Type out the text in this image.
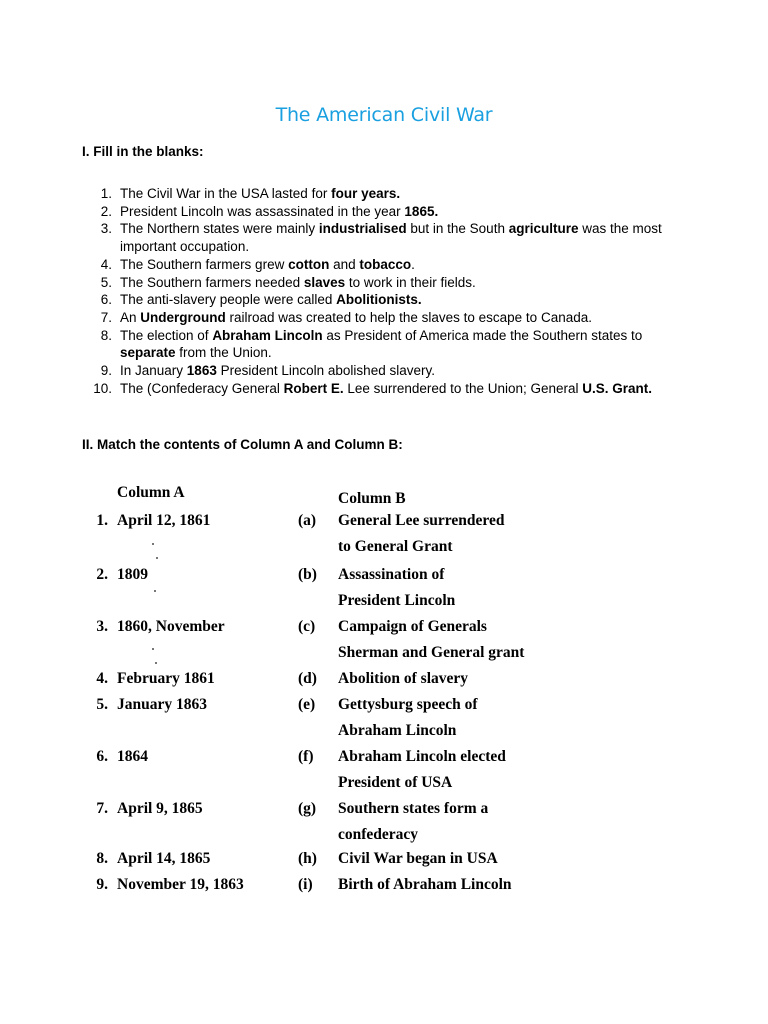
The American Civil War
I. Fill in the blanks:
1. The Civil War in the USA lasted for four years.
2. President Lincoln was assassinated in the year 1865.
3. The Northern states were mainly industrialised but in the South agriculture was the most important occupation.
4. The Southern farmers grew cotton and tobacco.
5. The Southern farmers needed slaves to work in their fields.
6. The anti-slavery people were called Abolitionists.
7. An Underground railroad was created to help the slaves to escape to Canada.
8. The election of Abraham Lincoln as President of America made the Southern states to separate from the Union.
9. In January 1863 President Lincoln abolished slavery.
10. The (Confederacy General Robert E. Lee surrendered to the Union; General U.S. Grant.
II. Match the contents of Column A and Column B:
Column A	Column B
1. April 12, 1861	(a) General Lee surrendered
to General Grant
2. 1809	(b) Assassination of
President Lincoln
3. 1860, November	(c) Campaign of Generals
Sherman and General grant
4. February 1861	(d) Abolition of slavery
5. January 1863	(e) Gettysburg speech of
Abraham Lincoln
6. 1864	(f) Abraham Lincoln elected
President of USA
7. April 9, 1865	(g) Southern states form a
confederacy
8. April 14, 1865	(h) Civil War began in USA
9. November 19, 1863	(i) Birth of Abraham Lincoln
